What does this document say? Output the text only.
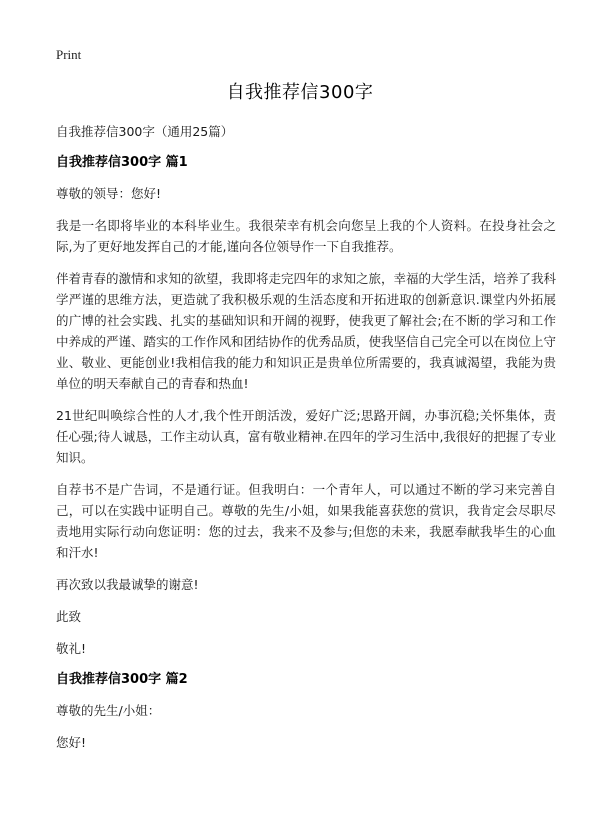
Print
自我推荐信300字

自我推荐信300字（通用25篇）

自我推荐信300字 篇1

尊敬的领导：您好!

我是一名即将毕业的本科毕业生。我很荣幸有机会向您呈上我的个人资料。在投身社会之际,为了更好地发挥自己的才能,谨向各位领导作一下自我推荐。

伴着青春的激情和求知的欲望，我即将走完四年的求知之旅，幸福的大学生活，培养了我科学严谨的思维方法，更造就了我积极乐观的生活态度和开拓进取的创新意识.课堂内外拓展的广博的社会实践、扎实的基础知识和开阔的视野，使我更了解社会;在不断的学习和工作中养成的严谨、踏实的工作作风和团结协作的优秀品质，使我坚信自己完全可以在岗位上守业、敬业、更能创业!我相信我的能力和知识正是贵单位所需要的，我真诚渴望，我能为贵单位的明天奉献自己的青春和热血!

21世纪叫唤综合性的人才,我个性开朗活泼，爱好广泛;思路开阔，办事沉稳;关怀集体，责任心强;待人诚恳，工作主动认真，富有敬业精神.在四年的学习生活中,我很好的把握了专业知识。

自荐书不是广告词，不是通行证。但我明白：一个青年人，可以通过不断的学习来完善自己，可以在实践中证明自己。尊敬的先生/小姐，如果我能喜获您的赏识，我肯定会尽职尽责地用实际行动向您证明：您的过去，我来不及参与;但您的未来，我愿奉献我毕生的心血和汗水!

再次致以我最诚挚的谢意!

此致

敬礼!

自我推荐信300字 篇2

尊敬的先生/小姐：

您好!
